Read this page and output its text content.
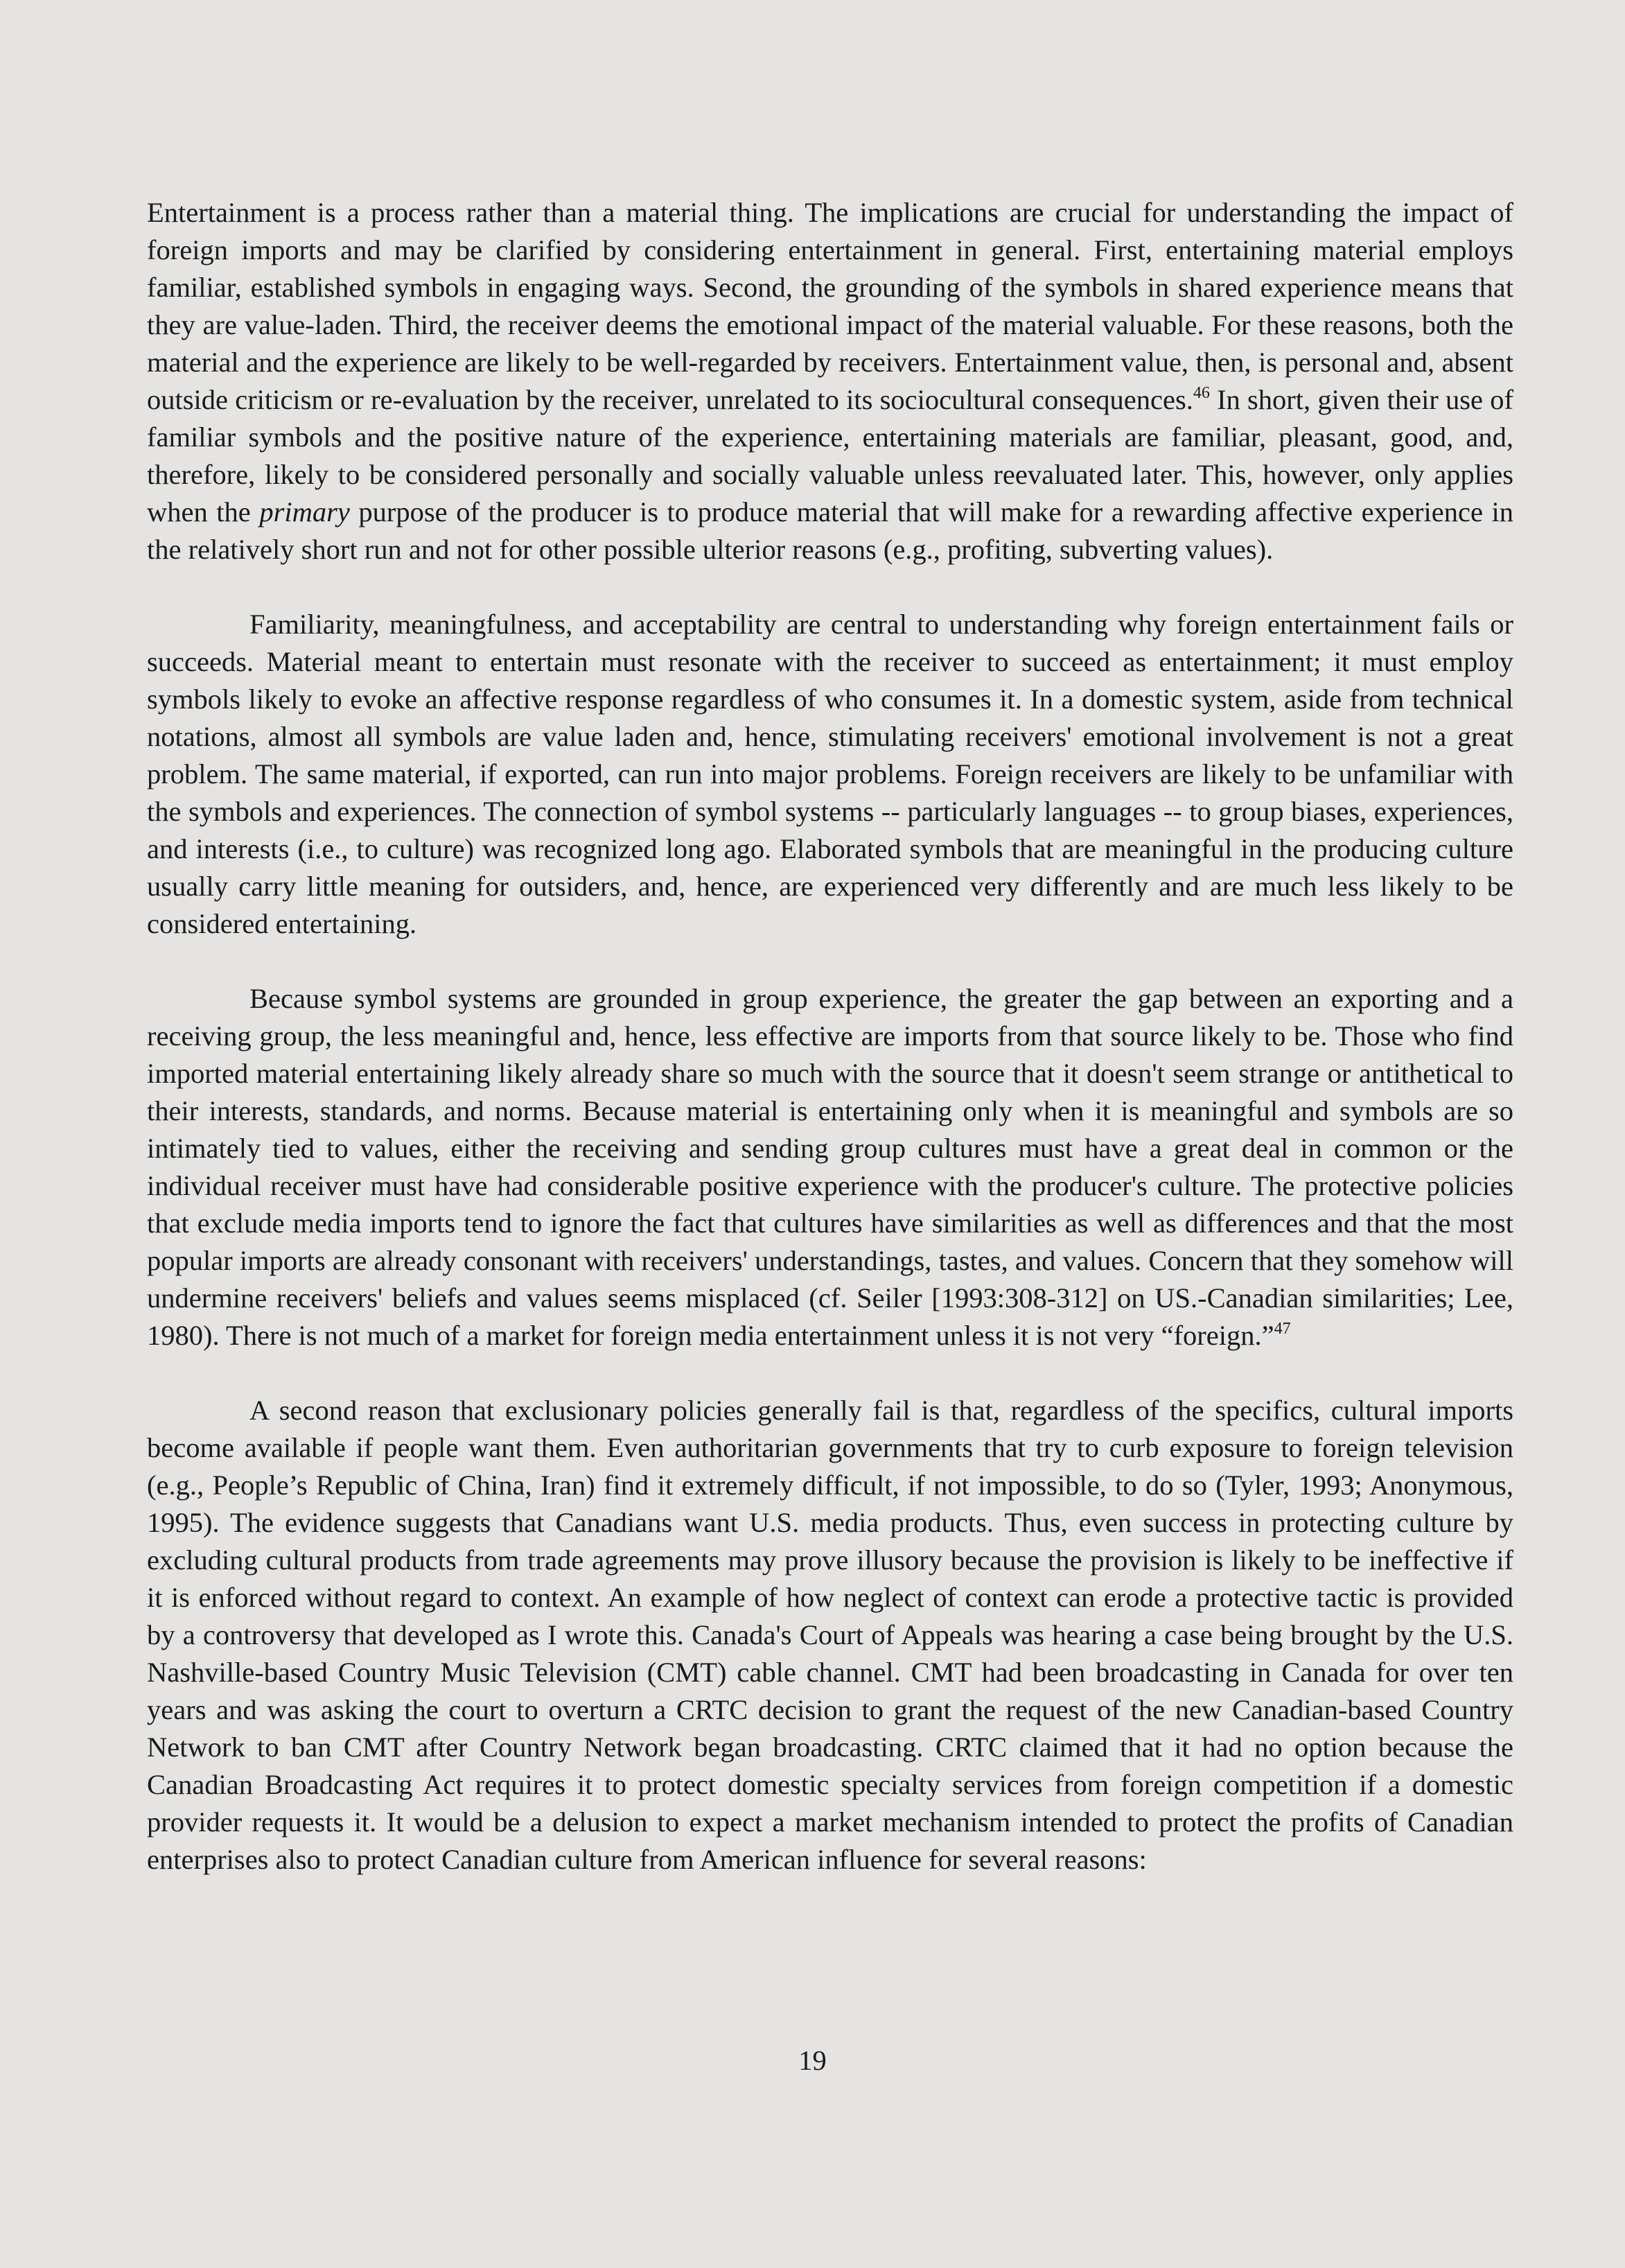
Entertainment is a process rather than a material thing. The implications are crucial for understanding the impact of foreign imports and may be clarified by considering entertainment in general. First, entertaining material employs familiar, established symbols in engaging ways. Second, the grounding of the symbols in shared experience means that they are value-laden. Third, the receiver deems the emotional impact of the material valuable. For these reasons, both the material and the experience are likely to be well-regarded by receivers. Entertainment value, then, is personal and, absent outside criticism or re-evaluation by the receiver, unrelated to its sociocultural consequences.$^{46}$ In short, given their use of familiar symbols and the positive nature of the experience, entertaining materials are familiar, pleasant, good, and, therefore, likely to be considered personally and socially valuable unless reevaluated later. This, however, only applies when the primary purpose of the producer is to produce material that will make for a rewarding affective experience in the relatively short run and not for other possible ulterior reasons (e.g., profiting, subverting values).

Familiarity, meaningfulness, and acceptability are central to understanding why foreign entertainment fails or succeeds. Material meant to entertain must resonate with the receiver to succeed as entertainment; it must employ symbols likely to evoke an affective response regardless of who consumes it. In a domestic system, aside from technical notations, almost all symbols are value laden and, hence, stimulating receivers' emotional involvement is not a great problem. The same material, if exported, can run into major problems. Foreign receivers are likely to be unfamiliar with the symbols and experiences. The connection of symbol systems -- particularly languages -- to group biases, experiences, and interests (i.e., to culture) was recognized long ago. Elaborated symbols that are meaningful in the producing culture usually carry little meaning for outsiders, and, hence, are experienced very differently and are much less likely to be considered entertaining.

Because symbol systems are grounded in group experience, the greater the gap between an exporting and a receiving group, the less meaningful and, hence, less effective are imports from that source likely to be. Those who find imported material entertaining likely already share so much with the source that it doesn't seem strange or antithetical to their interests, standards, and norms. Because material is entertaining only when it is meaningful and symbols are so intimately tied to values, either the receiving and sending group cultures must have a great deal in common or the individual receiver must have had considerable positive experience with the producer's culture. The protective policies that exclude media imports tend to ignore the fact that cultures have similarities as well as differences and that the most popular imports are already consonant with receivers' understandings, tastes, and values. Concern that they somehow will undermine receivers' beliefs and values seems misplaced (cf. Seiler [1993:308-312] on US.-Canadian similarities; Lee, 1980). There is not much of a market for foreign media entertainment unless it is not very “foreign.”$^{47}$

A second reason that exclusionary policies generally fail is that, regardless of the specifics, cultural imports become available if people want them. Even authoritarian governments that try to curb exposure to foreign television (e.g., People’s Republic of China, Iran) find it extremely difficult, if not impossible, to do so (Tyler, 1993; Anonymous, 1995). The evidence suggests that Canadians want U.S. media products. Thus, even success in protecting culture by excluding cultural products from trade agreements may prove illusory because the provision is likely to be ineffective if it is enforced without regard to context. An example of how neglect of context can erode a protective tactic is provided by a controversy that developed as I wrote this. Canada's Court of Appeals was hearing a case being brought by the U.S. Nashville-based Country Music Television (CMT) cable channel. CMT had been broadcasting in Canada for over ten years and was asking the court to overturn a CRTC decision to grant the request of the new Canadian-based Country Network to ban CMT after Country Network began broadcasting. CRTC claimed that it had no option because the Canadian Broadcasting Act requires it to protect domestic specialty services from foreign competition if a domestic provider requests it. It would be a delusion to expect a market mechanism intended to protect the profits of Canadian enterprises also to protect Canadian culture from American influence for several reasons:

19
